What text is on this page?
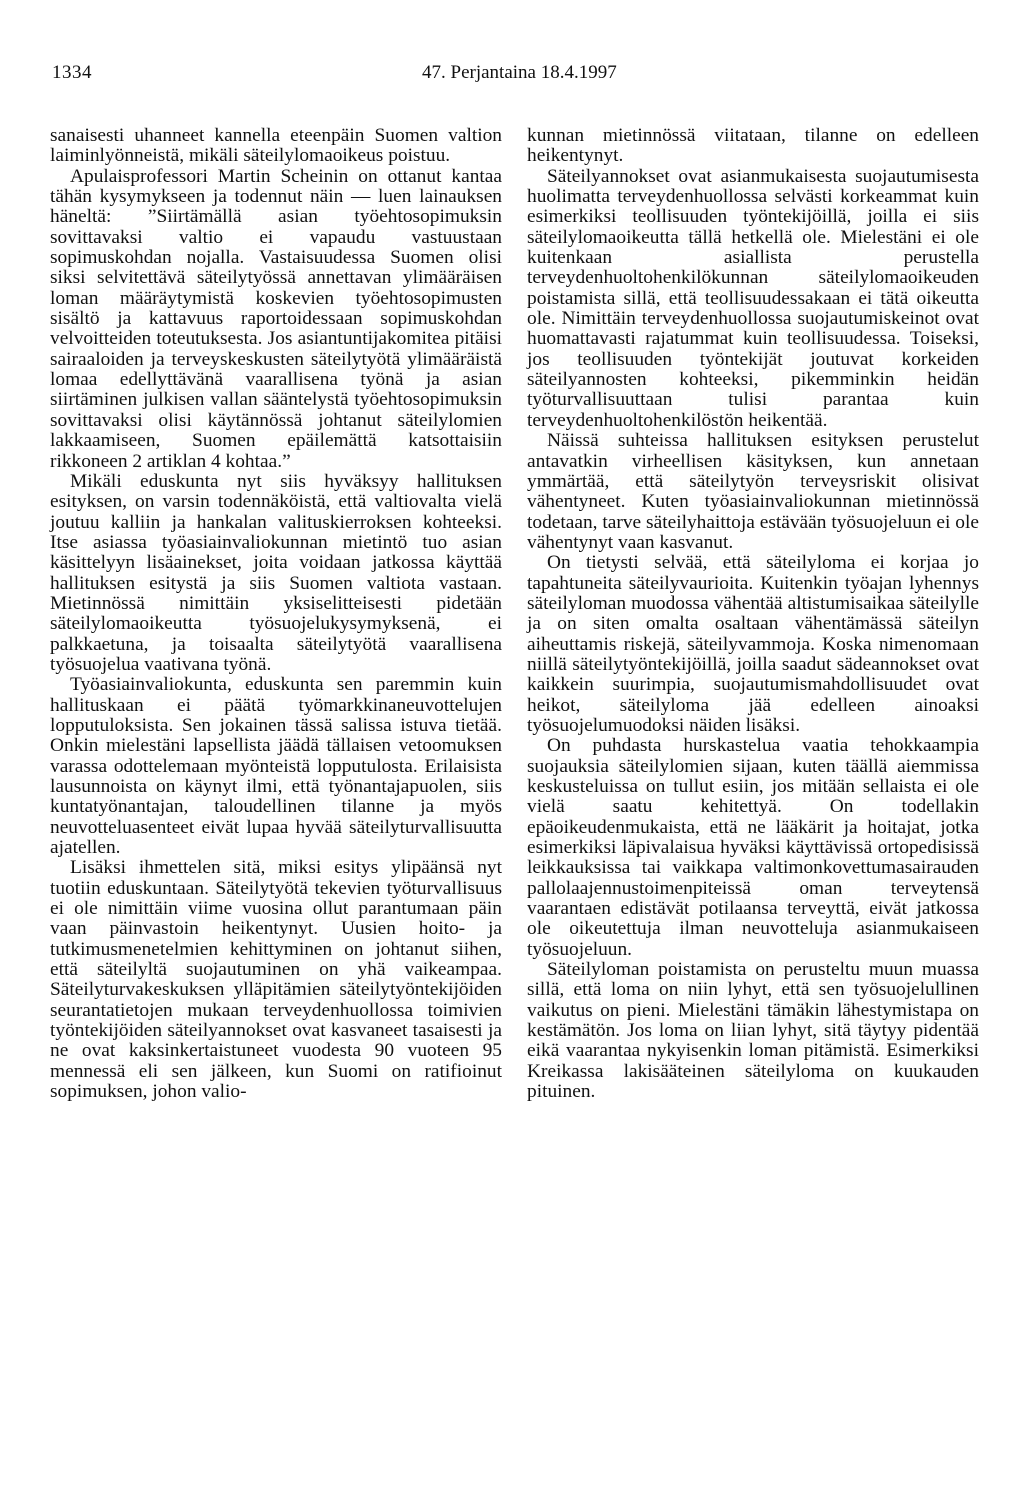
1334	47. Perjantaina 18.4.1997

sanaisesti uhanneet kannella eteenpäin Suomen valtion laiminlyönneistä, mikäli säteilylomaoikeus poistuu.

Apulaisprofessori Martin Scheinin on ottanut kantaa tähän kysymykseen ja todennut näin — luen lainauksen häneltä: ”Siirtämällä asian työehtosopimuksin sovittavaksi valtio ei vapaudu vastuustaan sopimuskohdan nojalla. Vastaisuudessa Suomen olisi siksi selvitettävä säteilytyössä annettavan ylimääräisen loman määräytymistä koskevien työehtosopimusten sisältö ja kattavuus raportoidessaan sopimuskohdan velvoitteiden toteutuksesta. Jos asiantuntijakomitea pitäisi sairaaloiden ja terveyskeskusten säteilytyötä ylimääräistä lomaa edellyttävänä vaarallisena työnä ja asian siirtäminen julkisen vallan sääntelystä työehtosopimuksin sovittavaksi olisi käytännössä johtanut säteilylomien lakkaamiseen, Suomen epäilemättä katsottaisiin rikkoneen 2 artiklan 4 kohtaa.”

Mikäli eduskunta nyt siis hyväksyy hallituksen esityksen, on varsin todennäköistä, että valtiovalta vielä joutuu kalliin ja hankalan valituskierroksen kohteeksi. Itse asiassa työasiainvaliokunnan mietintö tuo asian käsittelyyn lisäainekset, joita voidaan jatkossa käyttää hallituksen esitystä ja siis Suomen valtiota vastaan. Mietinnössä nimittäin yksiselitteisesti pidetään säteilylomaoikeutta työsuojelukysymyksenä, ei palkkaetuna, ja toisaalta säteilytyötä vaarallisena työsuojelua vaativana työnä.

Työasiainvaliokunta, eduskunta sen paremmin kuin hallituskaan ei päätä työmarkkinaneuvottelujen lopputuloksista. Sen jokainen tässä salissa istuva tietää. Onkin mielestäni lapsellista jäädä tällaisen vetoomuksen varassa odottelemaan myönteistä lopputulosta. Erilaisista lausunnoista on käynyt ilmi, että työnantajapuolen, siis kuntatyönantajan, taloudellinen tilanne ja myös neuvotteluasenteet eivät lupaa hyvää säteilyturvallisuutta ajatellen.

Lisäksi ihmettelen sitä, miksi esitys ylipäänsä nyt tuotiin eduskuntaan. Säteilytyötä tekevien työturvallisuus ei ole nimittäin viime vuosina ollut parantumaan päin vaan päinvastoin heikentynyt. Uusien hoito- ja tutkimusmenetelmien kehittyminen on johtanut siihen, että säteilyltä suojautuminen on yhä vaikeampaa. Säteilyturvakeskuksen ylläpitämien säteilytyöntekijöiden seurantatietojen mukaan terveydenhuollossa toimivien työntekijöiden säteilyannokset ovat kasvaneet tasaisesti ja ne ovat kaksinkertaistuneet vuodesta 90 vuoteen 95 mennessä eli sen jälkeen, kun Suomi on ratifioinut sopimuksen, johon valio-

kunnan mietinnössä viitataan, tilanne on edelleen heikentynyt.

Säteilyannokset ovat asianmukaisesta suojautumisesta huolimatta terveydenhuollossa selvästi korkeammat kuin esimerkiksi teollisuuden työntekijöillä, joilla ei siis säteilylomaoikeutta tällä hetkellä ole. Mielestäni ei ole kuitenkaan asiallista perustella terveydenhuoltohenkilökunnan säteilylomaoikeuden poistamista sillä, että teollisuudessakaan ei tätä oikeutta ole. Nimittäin terveydenhuollossa suojautumiskeinot ovat huomattavasti rajatummat kuin teollisuudessa. Toiseksi, jos teollisuuden työntekijät joutuvat korkeiden säteilyannosten kohteeksi, pikemminkin heidän työturvallisuuttaan tulisi parantaa kuin terveydenhuoltohenkilöstön heikentää.

Näissä suhteissa hallituksen esityksen perustelut antavatkin virheellisen käsityksen, kun annetaan ymmärtää, että säteilytyön terveysriskit olisivat vähentyneet. Kuten työasiainvaliokunnan mietinnössä todetaan, tarve säteilyhaittoja estävään työsuojeluun ei ole vähentynyt vaan kasvanut.

On tietysti selvää, että säteilyloma ei korjaa jo tapahtuneita säteilyvaurioita. Kuitenkin työajan lyhennys säteilyloman muodossa vähentää altistumisaikaa säteilylle ja on siten omalta osaltaan vähentämässä säteilyn aiheuttamis riskejä, säteilyvammoja. Koska nimenomaan niillä säteilytyöntekijöillä, joilla saadut sädeannokset ovat kaikkein suurimpia, suojautumismahdollisuudet ovat heikot, säteilyloma jää edelleen ainoaksi työsuojelumuodoksi näiden lisäksi.

On puhdasta hurskastelua vaatia tehokkaampia suojauksia säteilylomien sijaan, kuten täällä aiemmissa keskusteluissa on tullut esiin, jos mitään sellaista ei ole vielä saatu kehitettyä. On todellakin epäoikeudenmukaista, että ne lääkärit ja hoitajat, jotka esimerkiksi läpivalaisua hyväksi käyttävissä ortopedisissä leikkauksissa tai vaikkapa valtimonkovettumasairauden pallolaajennustoimenpiteissä oman terveytensä vaarantaen edistävät potilaansa terveyttä, eivät jatkossa ole oikeutettuja ilman neuvotteluja asianmukaiseen työsuojeluun.

Säteilyloman poistamista on perusteltu muun muassa sillä, että loma on niin lyhyt, että sen työsuojelullinen vaikutus on pieni. Mielestäni tämäkin lähestymistapa on kestämätön. Jos loma on liian lyhyt, sitä täytyy pidentää eikä vaarantaa nykyisenkin loman pitämistä. Esimerkiksi Kreikassa lakisääteinen säteilyloma on kuukauden pituinen.
